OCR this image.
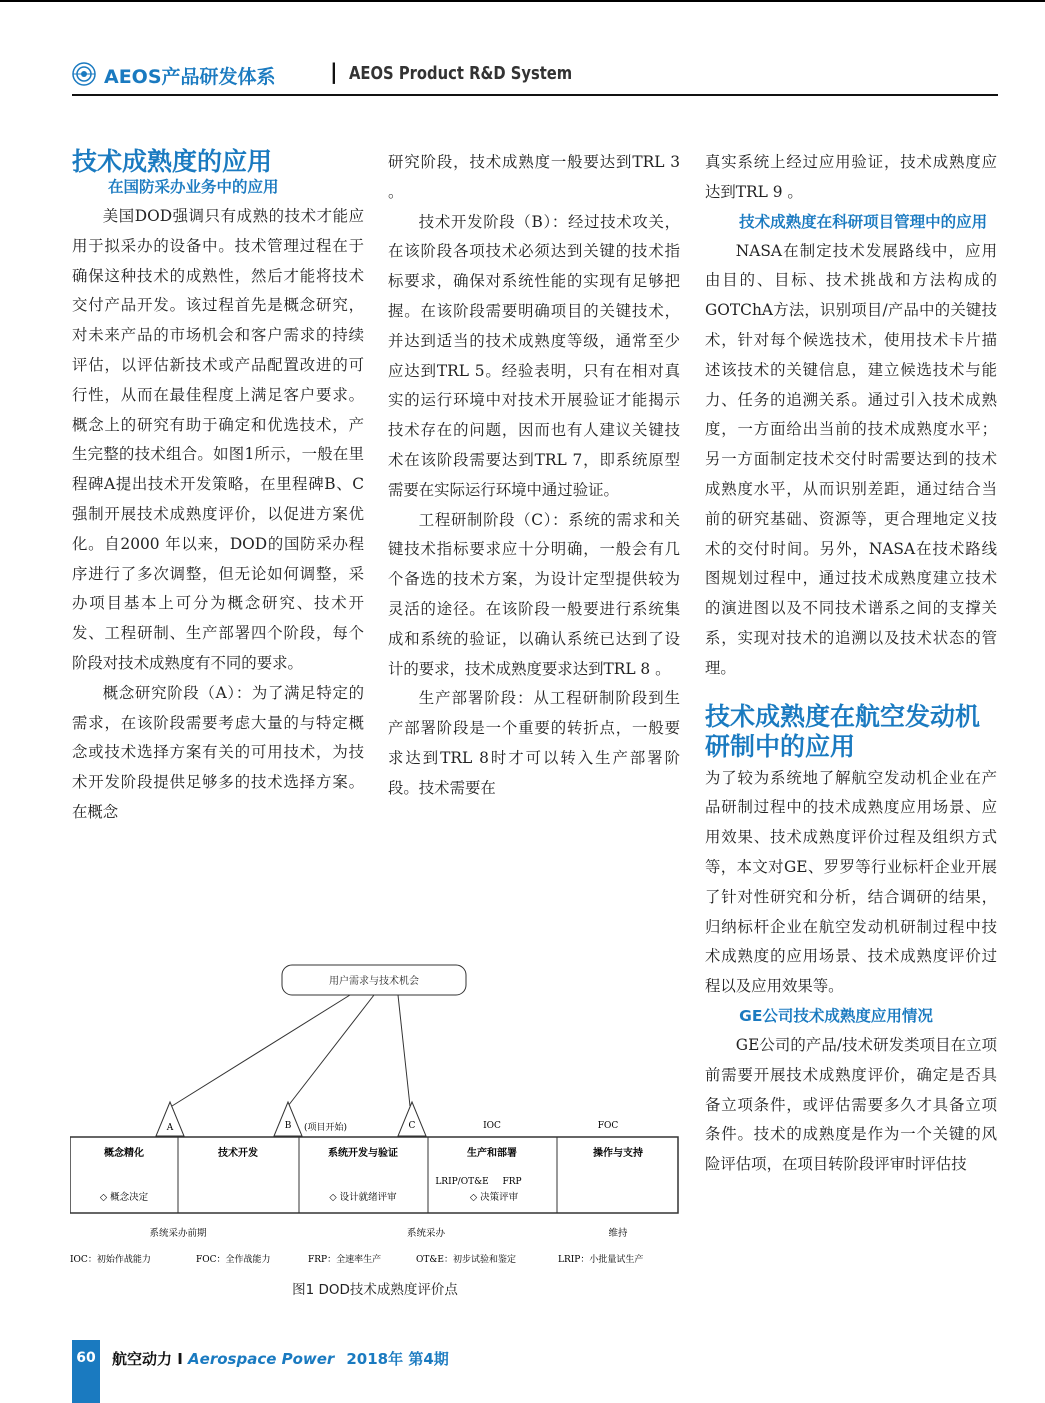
AEOS产品研发体系	| AEOS Product R&D System

技术成熟度的应用

在国防采办业务中的应用

美国DOD强调只有成熟的技术才能应用于拟采办的设备中。技术管理过程在于确保这种技术的成熟性，然后才能将技术交付产品开发。该过程首先是概念研究，对未来产品的市场机会和客户需求的持续评估，以评估新技术或产品配置改进的可行性，从而在最佳程度上满足客户要求。概念上的研究有助于确定和优选技术，产生完整的技术组合。如图1所示，一般在里程碑A提出技术开发策略，在里程碑B、C强制开展技术成熟度评价，以促进方案优化。自2000 年以来，DOD的国防采办程序进行了多次调整，但无论如何调整，采办项目基本上可分为概念研究、技术开发、工程研制、生产部署四个阶段，每个阶段对技术成熟度有不同的要求。

概念研究阶段（A）：为了满足特定的需求，在该阶段需要考虑大量的与特定概念或技术选择方案有关的可用技术，为技术开发阶段提供足够多的技术选择方案。在概念

研究阶段，技术成熟度一般要达到TRL 3 。

技术开发阶段（B）：经过技术攻关，在该阶段各项技术必须达到关键的技术指标要求，确保对系统性能的实现有足够把握。在该阶段需要明确项目的关键技术，并达到适当的技术成熟度等级，通常至少应达到TRL 5。经验表明，只有在相对真实的运行环境中对技术开展验证才能揭示技术存在的问题，因而也有人建议关键技术在该阶段需要达到TRL 7，即系统原型需要在实际运行环境中通过验证。

工程研制阶段（C）：系统的需求和关键技术指标要求应十分明确，一般会有几个备选的技术方案，为设计定型提供较为灵活的途径。在该阶段一般要进行系统集成和系统的验证，以确认系统已达到了设计的要求，技术成熟度要求达到TRL 8 。

生产部署阶段：从工程研制阶段到生产部署阶段是一个重要的转折点，一般要求达到TRL 8时才可以转入生产部署阶段。技术需要在

真实系统上经过应用验证，技术成熟度应达到TRL 9 。

技术成熟度在科研项目管理中的应用

NASA在制定技术发展路线中，应用由目的、目标、技术挑战和方法构成的GOTChA方法，识别项目/产品中的关键技术，针对每个候选技术，使用技术卡片描述该技术的关键信息，建立候选技术与能力、任务的追溯关系。通过引入技术成熟度，一方面给出当前的技术成熟度水平；另一方面制定技术交付时需要达到的技术成熟度水平，从而识别差距，通过结合当前的研究基础、资源等，更合理地定义技术的交付时间。另外，NASA在技术路线图规划过程中，通过技术成熟度建立技术的演进图以及不同技术谱系之间的支撑关系，实现对技术的追溯以及技术状态的管理。

技术成熟度在航空发动机研制中的应用

为了较为系统地了解航空发动机企业在产品研制过程中的技术成熟度应用场景、应用效果、技术成熟度评价过程及组织方式等，本文对GE、罗罗等行业标杆企业开展了针对性研究和分析，结合调研的结果，归纳标杆企业在航空发动机研制过程中技术成熟度的应用场景、技术成熟度评价过程以及应用效果等。

GE公司技术成熟度应用情况

GE公司的产品/技术研发类项目在立项前需要开展技术成熟度评价，确定是否具备立项条件，或评估需要多久才具备立项条件。技术的成熟度是作为一个关键的风险评估项，在项目转阶段评审时评估技

用户需求与技术机会
A	B (项目开始)	C	IOC	FOC
概念精化	技术开发	系统开发与验证	生产和部署	操作与支持
◇ 概念决定	◇ 设计就绪评审
LRIP/OT&E FRP
◇ 决策评审
系统采办前期	系统采办	维持
IOC：初始作战能力	FOC：全作战能力	FRP：全速率生产	OT&E：初步试验和鉴定	LRIP：小批量试生产
图1 DOD技术成熟度评价点
60 航空动力 I Aerospace Power 2018年 第4期
